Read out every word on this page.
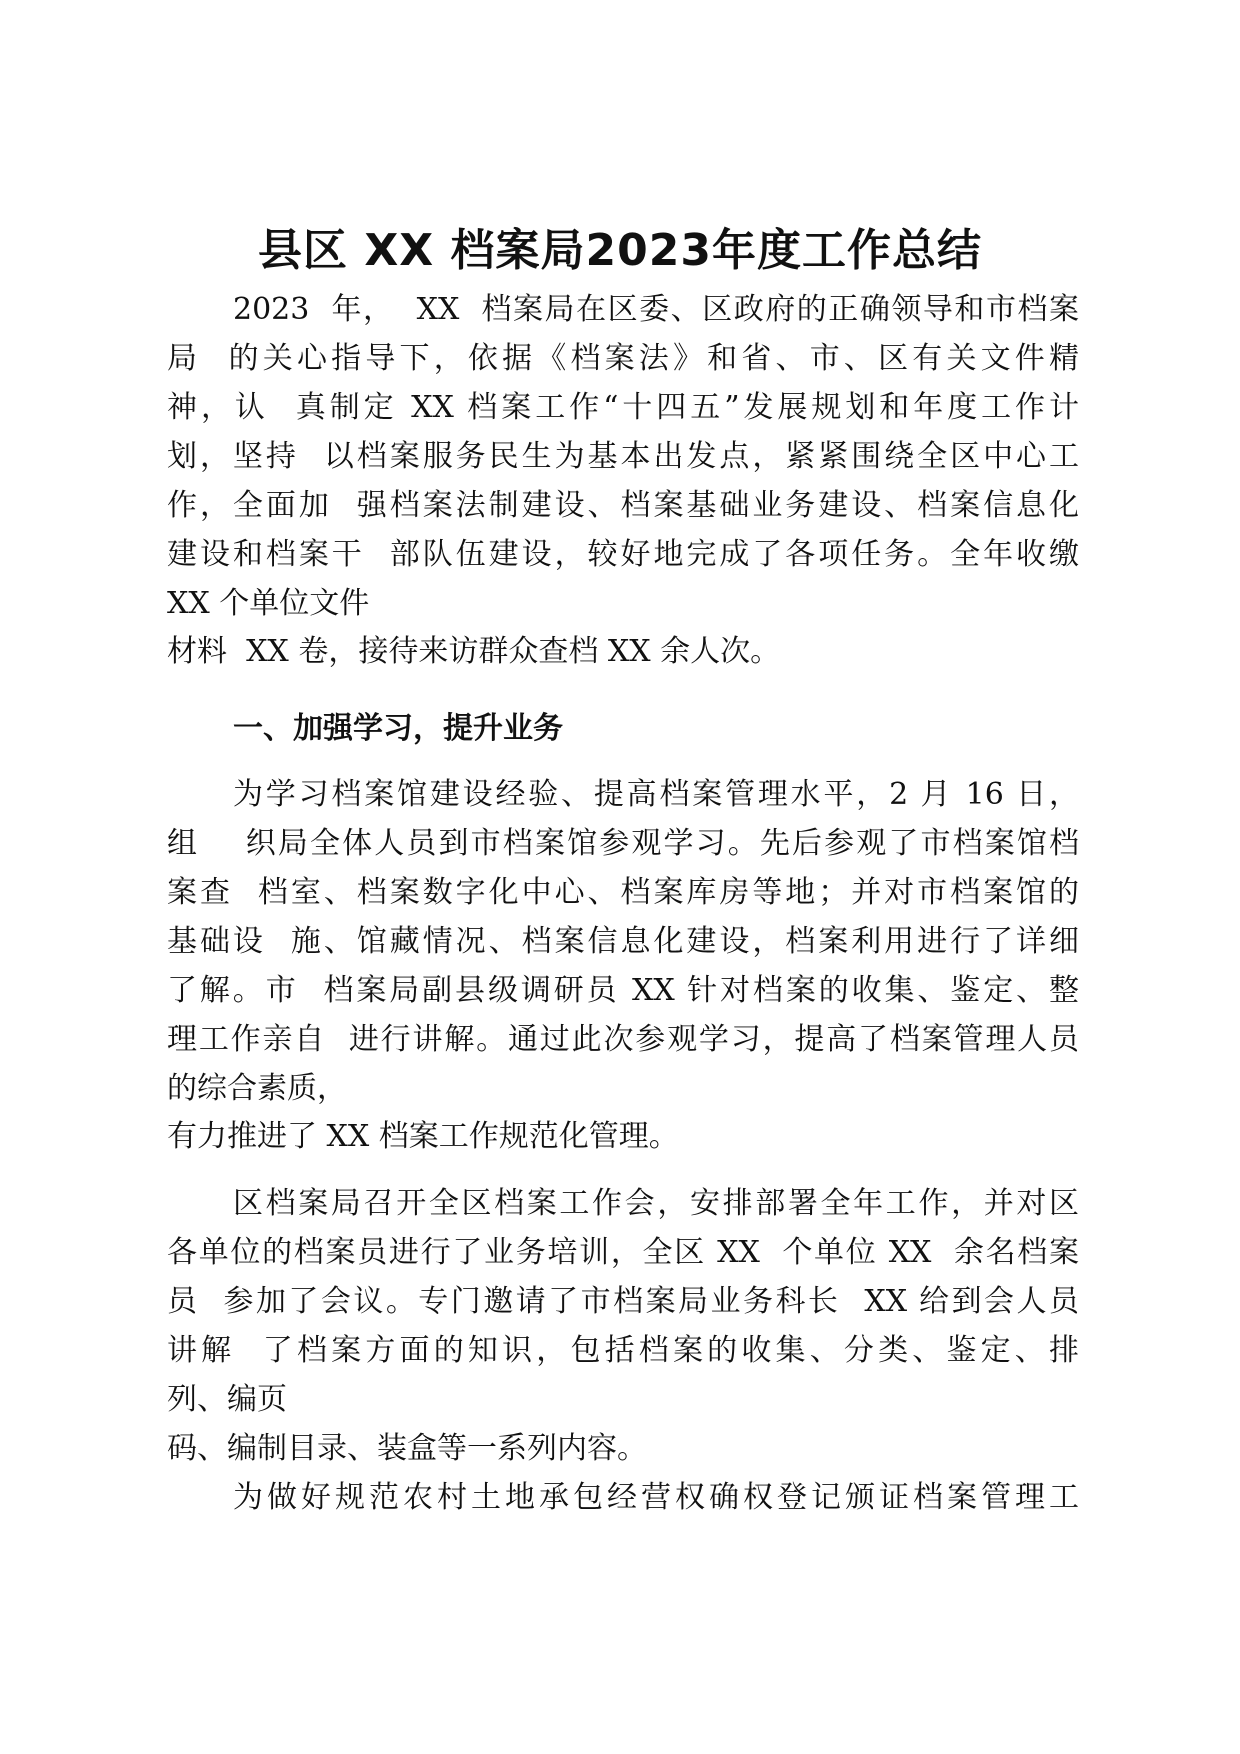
县区 XX 档案局2023年度工作总结

2023  年，  XX  档案局在区委、区政府的正确领导和市档案

局  的关心指导下，依据《档案法》和省、市、区有关文件精

神，认  真制定 XX 档案工作“十四五”发展规划和年度工作计

划，坚持  以档案服务民生为基本出发点，紧紧围绕全区中心工

作，全面加  强档案法制建设、档案基础业务建设、档案信息化

建设和档案干  部队伍建设，较好地完成了各项任务。全年收缴

XX 个单位文件

材料  XX 卷，接待来访群众查档 XX 余人次。

一、加强学习，提升业务

为学习档案馆建设经验、提高档案管理水平，2 月 16 日，

组    织局全体人员到市档案馆参观学习。先后参观了市档案馆档

案查  档室、档案数字化中心、档案库房等地；并对市档案馆的

基础设  施、馆藏情况、档案信息化建设，档案利用进行了详细

了解。市  档案局副县级调研员 XX 针对档案的收集、鉴定、整

理工作亲自  进行讲解。通过此次参观学习，提高了档案管理人员

的综合素质，

有力推进了 XX 档案工作规范化管理。

区档案局召开全区档案工作会，安排部署全年工作，并对区

各单位的档案员进行了业务培训，全区 XX  个单位 XX  余名档案

员  参加了会议。专门邀请了市档案局业务科长  XX 给到会人员

讲解  了档案方面的知识，包括档案的收集、分类、鉴定、排

列、编页

码、编制目录、装盒等一系列内容。

为做好规范农村土地承包经营权确权登记颁证档案管理工
